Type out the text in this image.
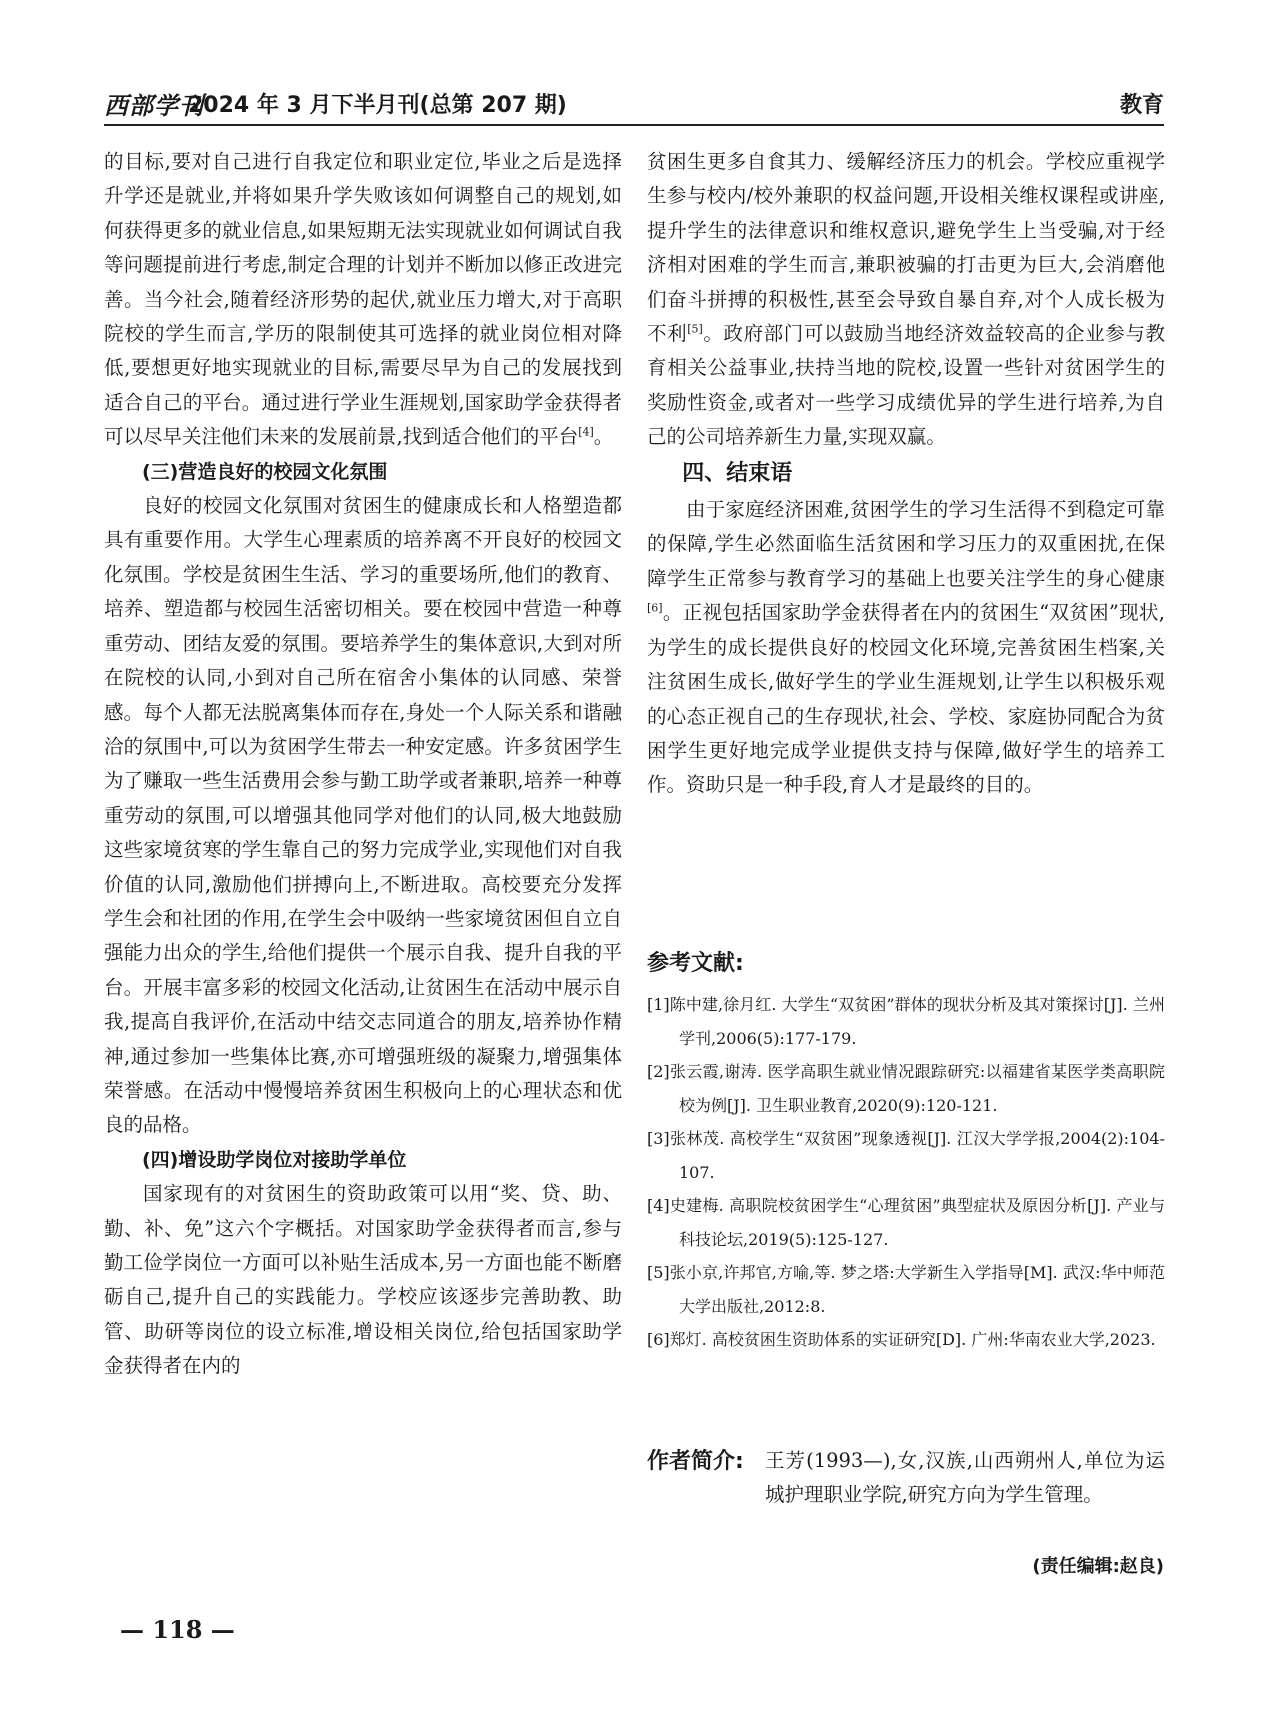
西部学刊
2024 年 3 月下半月刊(总第 207 期)	教育

的目标,要对自己进行自我定位和职业定位,毕业之后是选择升学还是就业,并将如果升学失败该如何调整自己的规划,如何获得更多的就业信息,如果短期无法实现就业如何调试自我等问题提前进行考虑,制定合理的计划并不断加以修正改进完善。当今社会,随着经济形势的起伏,就业压力增大,对于高职院校的学生而言,学历的限制使其可选择的就业岗位相对降低,要想更好地实现就业的目标,需要尽早为自己的发展找到适合自己的平台。通过进行学业生涯规划,国家助学金获得者可以尽早关注他们未来的发展前景,找到适合他们的平台[4]。

(三)营造良好的校园文化氛围

良好的校园文化氛围对贫困生的健康成长和人格塑造都具有重要作用。大学生心理素质的培养离不开良好的校园文化氛围。学校是贫困生生活、学习的重要场所,他们的教育、培养、塑造都与校园生活密切相关。要在校园中营造一种尊重劳动、团结友爱的氛围。要培养学生的集体意识,大到对所在院校的认同,小到对自己所在宿舍小集体的认同感、荣誉感。每个人都无法脱离集体而存在,身处一个人际关系和谐融洽的氛围中,可以为贫困学生带去一种安定感。许多贫困学生为了赚取一些生活费用会参与勤工助学或者兼职,培养一种尊重劳动的氛围,可以增强其他同学对他们的认同,极大地鼓励这些家境贫寒的学生靠自己的努力完成学业,实现他们对自我价值的认同,激励他们拼搏向上,不断进取。高校要充分发挥学生会和社团的作用,在学生会中吸纳一些家境贫困但自立自强能力出众的学生,给他们提供一个展示自我、提升自我的平台。开展丰富多彩的校园文化活动,让贫困生在活动中展示自我,提高自我评价,在活动中结交志同道合的朋友,培养协作精神,通过参加一些集体比赛,亦可增强班级的凝聚力,增强集体荣誉感。在活动中慢慢培养贫困生积极向上的心理状态和优良的品格。

(四)增设助学岗位对接助学单位

国家现有的对贫困生的资助政策可以用“奖、贷、助、勤、补、免”这六个字概括。对国家助学金获得者而言,参与勤工俭学岗位一方面可以补贴生活成本,另一方面也能不断磨砺自己,提升自己的实践能力。学校应该逐步完善助教、助管、助研等岗位的设立标准,增设相关岗位,给包括国家助学金获得者在内的

贫困生更多自食其力、缓解经济压力的机会。学校应重视学生参与校内/校外兼职的权益问题,开设相关维权课程或讲座,提升学生的法律意识和维权意识,避免学生上当受骗,对于经济相对困难的学生而言,兼职被骗的打击更为巨大,会消磨他们奋斗拼搏的积极性,甚至会导致自暴自弃,对个人成长极为不利[5]。政府部门可以鼓励当地经济效益较高的企业参与教育相关公益事业,扶持当地的院校,设置一些针对贫困学生的奖励性资金,或者对一些学习成绩优异的学生进行培养,为自己的公司培养新生力量,实现双赢。

四、结束语

由于家庭经济困难,贫困学生的学习生活得不到稳定可靠的保障,学生必然面临生活贫困和学习压力的双重困扰,在保障学生正常参与教育学习的基础上也要关注学生的身心健康[6]。正视包括国家助学金获得者在内的贫困生“双贫困”现状,为学生的成长提供良好的校园文化环境,完善贫困生档案,关注贫困生成长,做好学生的学业生涯规划,让学生以积极乐观的心态正视自己的生存现状,社会、学校、家庭协同配合为贫困学生更好地完成学业提供支持与保障,做好学生的培养工作。资助只是一种手段,育人才是最终的目的。

参考文献:
[1]陈中建,徐月红. 大学生“双贫困”群体的现状分析及其对策探讨[J]. 兰州学刊,2006(5):177-179.
[2]张云霞,谢涛. 医学高职生就业情况跟踪研究:以福建省某医学类高职院校为例[J]. 卫生职业教育,2020(9):120-121.
[3]张林茂. 高校学生“双贫困”现象透视[J]. 江汉大学学报,2004(2):104-107.
[4]史建梅. 高职院校贫困学生“心理贫困”典型症状及原因分析[J]. 产业与科技论坛,2019(5):125-127.
[5]张小京,许邦官,方喻,等. 梦之塔:大学新生入学指导[M]. 武汉:华中师范大学出版社,2012:8.
[6]郑灯. 高校贫困生资助体系的实证研究[D]. 广州:华南农业大学,2023.
作者简介: 王芳(1993—),女,汉族,山西朔州人,单位为运城护理职业学院,研究方向为学生管理。
(责任编辑:赵良)
— 118 —
